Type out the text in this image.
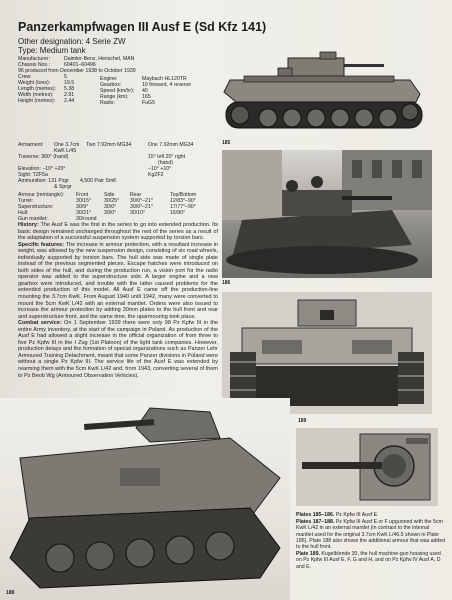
Panzerkampfwagen III Ausf E (Sd Kfz 141)
Other designation: 4 Serie ZW
Type: Medium tank
Manufacturer:	Daimler-Benz, Henschel, MAN
Chassis Nos.:	60401–60496
96 produced from December 1938 to October 1939
Crew:	5
Weight (tons):	19.5
Length (metres):	5.38
Width (metres):	2.91
Height (metres):	2.44
Engine:	Maybach HL120TR
Gearbox:	10 forward, 4 reverse
Speed (km/hr):	40
Range (km):	165
Radio:	FuG5
Armament:	One 3.7cm	Two 7.92mm MG34	One 7.92mm MG34
KwK L/45
Traverse: 360° (hand)	15° left 20° right
(hand)
Elevation: −10° +20°	−10° +10°
Sight: TZF5a	KgZF2
Ammunition: 131 Pzgr	4,500 Patr SmK
& Sprgr
Armour (mm/angle):	Front	Side	Rear	Top/Bottom
Turret:	30/15°	30/25°	30/0°–21°	12/83°–90°
Superstructure:	30/9°	30/0°	30/0°–21°	17/77°–90°
Hull:	30/21°	30/0°	30/10°	16/90°
Gun mantlet:	30/round

History: The Ausf E was the first in the series to go into extended production. Its basic design remained unchanged throughout the rest of the series as a result of the adaptation of a successful suspension system supported by torsion bars.

Specific features: The increase in armour protection, with a resultant increase in weight, was allowed by the new suspension design, consisting of six road wheels, individually supported by torsion bars. The hull side was made of single plate instead of the previous segmented pieces. Escape hatches were introduced on both sides of the hull, and during the production run, a vision port for the radio operator was added to the superstructure side. A larger engine and a new gearbox were introduced, and trouble with the latter caused problems for the extended production of this model. All Ausf E came off the production-line mounting the 3.7cm KwK. From August 1940 until 1942, many were converted to mount the 5cm KwK L/42 with an external mantlet. Orders were also issued to increase the armour protection by adding 30mm plates to the hull front and rear and superstructure front, and the same time, the uparmouring took place.

Combat service: On 1 September 1939 there were only 98 Pz Kpfw III in the entire Army inventory, at the start of the campaign in Poland. As production of the Ausf E had allowed a slight increase in the official organization of from three to five Pz Kpfw III in the I Zug (1st Platoon) of the light tank companies. However, production delays and the formation of special organizations such as Panzer Lehr Armoured Training Detachment, meant that some Panzer divisions in Poland were without a single Pz Kpfw III. The service life of the Ausf E was extended by rearming them with the 5cm KwK L/42 and, from 1943, converting several of them to Pz Beob Wg (Armoured Observation Vehicles).

185
186
188
189

Plates 185–186. Pz Kpfw III Ausf E.

Plates 187–188. Pz Kpfw III Ausf E or F upgunned with the 5cm KwK L/42 in an external mantlet (in contrast to the internal mantlet used for the original 3.7cm KwK L/46.5 shown in Plate 186). Plate 188 also shows the additional armour that was added to the hull front.

Plate 189. Kugelblende 30, the hull machine-gun housing used on Pz Kpfw III Ausf E, F, G and H, and on Pz Kpfw IV Ausf A, D and E.
